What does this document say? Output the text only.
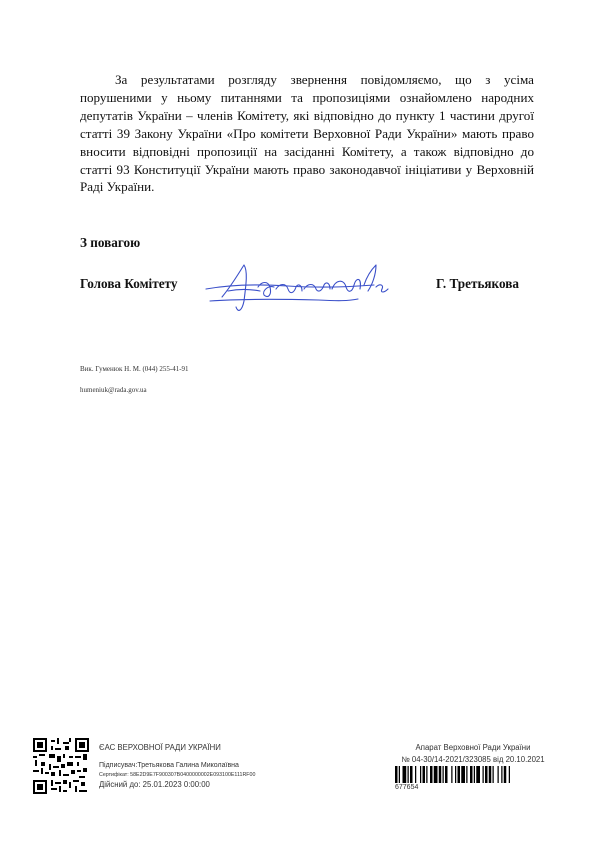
За результатами розгляду звернення повідомляємо, що з усіма порушеними у ньому питаннями та пропозиціями ознайомлено народних депутатів України – членів Комітету, які відповідно до пункту 1 частини другої статті 39 Закону України «Про комітети Верховної Ради України» мають право вносити відповідні пропозиції на засіданні Комітету, а також відповідно до статті 93 Конституції України мають право законодавчої ініціативи у Верховній Раді України.
З повагою
Голова Комітету	Г. Третьякова
Вик. Гуменюк Н. М. (044) 255-41-91
humeniuk@rada.gov.ua
ЄАС ВЕРХОВНОЇ РАДИ УКРАЇНИ
Підписувач:Третьякова Галина Миколаївна
Сертифікат: 58E2D9E7F900307B0400000002E093100E111RF00
Дійсний до: 25.01.2023 0:00:00
Апарат Верховної Ради України
№ 04-30/14-2021/323085 від 20.10.2021
677654
